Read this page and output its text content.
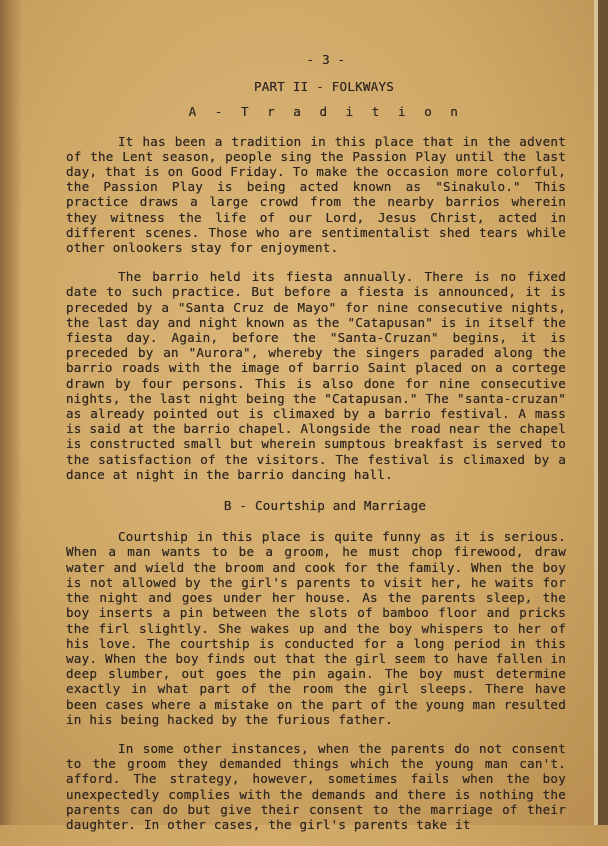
- 3 -
PART II - FOLKWAYS
A - T r a d i t i o n

It has been a tradition in this place that in the advent of the Lent season, people sing the Passion Play until the last day, that is on Good Friday. To make the occasion more colorful, the Passion Play is being acted known as "Sinakulo." This practice draws a large crowd from the nearby barrios wherein they witness the life of our Lord, Jesus Christ, acted in different scenes. Those who are sentimentalist shed tears while other onlookers stay for enjoyment.

The barrio held its fiesta annually. There is no fixed date to such practice. But before a fiesta is announced, it is preceded by a "Santa Cruz de Mayo" for nine consecutive nights, the last day and night known as the "Catapusan" is in itself the fiesta day. Again, before the "Santa-Cruzan" begins, it is preceded by an "Aurora", whereby the singers paraded along the barrio roads with the image of barrio Saint placed on a cortege drawn by four persons. This is also done for nine consecutive nights, the last night being the "Catapusan." The "santa-cruzan" as already pointed out is climaxed by a barrio festival. A mass is said at the barrio chapel. Alongside the road near the chapel is constructed small but wherein sumptous breakfast is served to the satisfaction of the visitors. The festival is climaxed by a dance at night in the barrio dancing hall.

B - Courtship and Marriage

Courtship in this place is quite funny as it is serious. When a man wants to be a groom, he must chop firewood, draw water and wield the broom and cook for the family. When the boy is not allowed by the girl's parents to visit her, he waits for the night and goes under her house. As the parents sleep, the boy inserts a pin between the slots of bamboo floor and pricks the firl slightly. She wakes up and the boy whispers to her of his love. The courtship is conducted for a long period in this way. When the boy finds out that the girl seem to have fallen in deep slumber, out goes the pin again. The boy must determine exactly in what part of the room the girl sleeps. There have been cases where a mistake on the part of the young man resulted in his being hacked by the furious father.

In some other instances, when the parents do not consent to the groom they demanded things which the young man can't. afford. The strategy, however, sometimes fails when the boy unexpectedly complies with the demands and there is nothing the parents can do but give their consent to the marriage of their daughter. In other cases, the girl's parents take it
